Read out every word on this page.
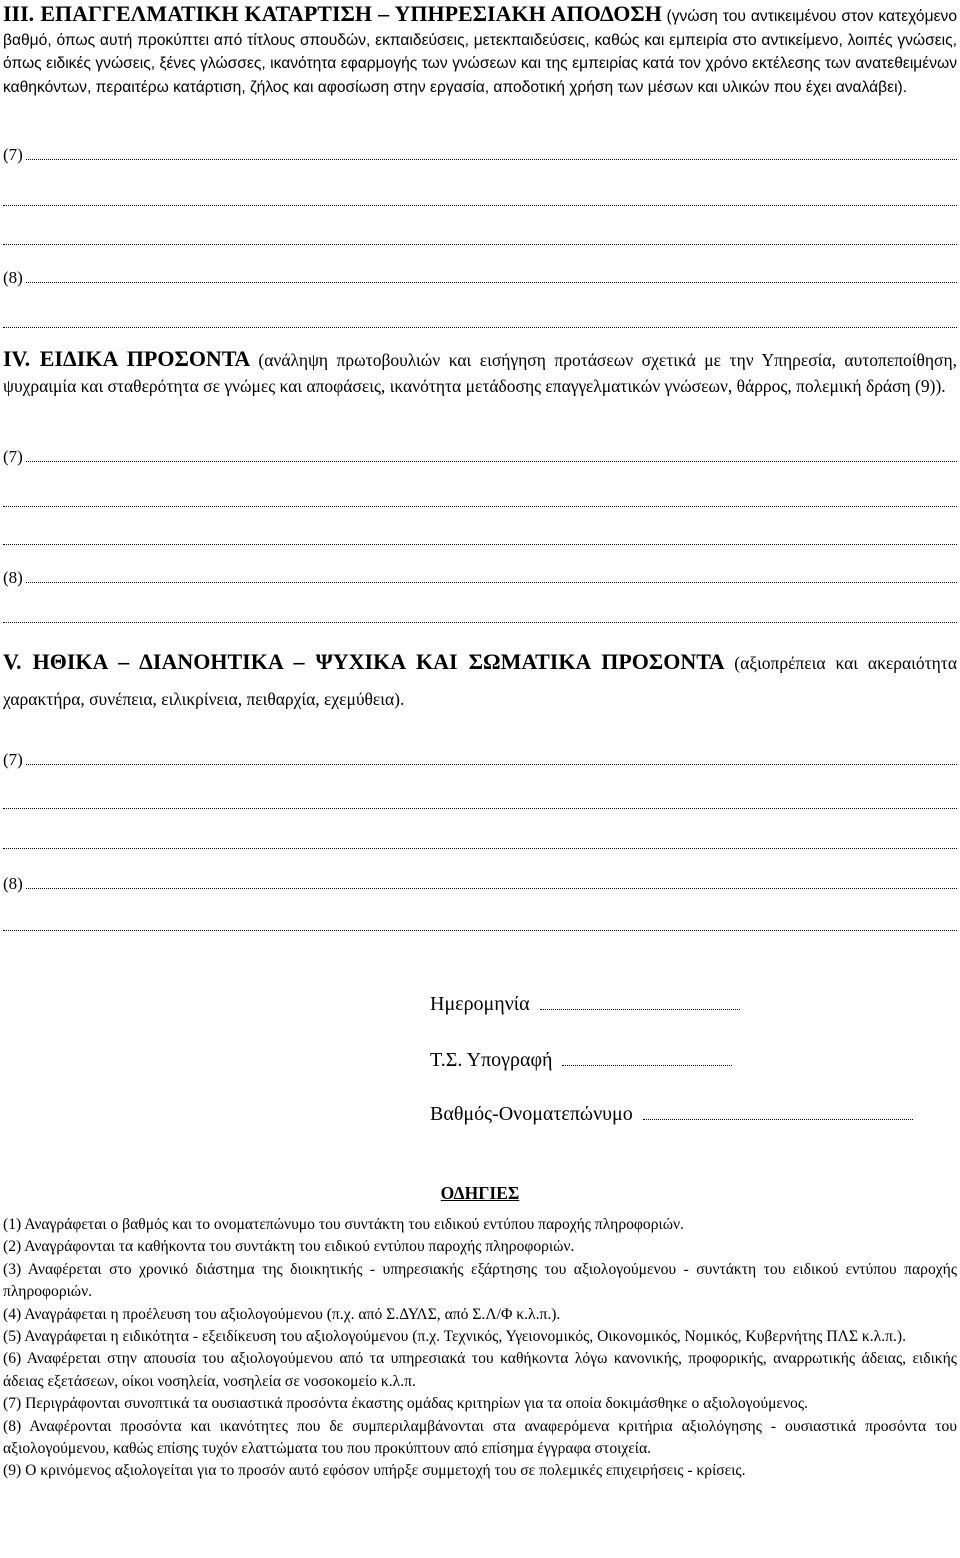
III. ΕΠΑΓΓΕΛΜΑΤΙΚΗ ΚΑΤΑΡΤΙΣΗ – ΥΠΗΡΕΣΙΑΚΗ ΑΠΟΔΟΣΗ (γνώση του αντικειμένου στον κατεχόμενο βαθμό, όπως αυτή προκύπτει από τίτλους σπουδών, εκπαιδεύσεις, μετεκπαιδεύσεις, καθώς και εμπειρία στο αντικείμενο, λοιπές γνώσεις, όπως ειδικές γνώσεις, ξένες γλώσσες, ικανότητα εφαρμογής των γνώσεων και της εμπειρίας κατά τον χρόνο εκτέλεσης των ανατεθειμένων καθηκόντων, περαιτέρω κατάρτιση, ζήλος και αφοσίωση στην εργασία, αποδοτική χρήση των μέσων και υλικών που έχει αναλάβει).
(7)
(8)
IV. ΕΙΔΙΚΑ ΠΡΟΣΟΝΤΑ (ανάληψη πρωτοβουλιών και εισήγηση προτάσεων σχετικά με την Υπηρεσία, αυτοπεποίθηση, ψυχραιμία και σταθερότητα σε γνώμες και αποφάσεις, ικανότητα μετάδοσης επαγγελματικών γνώσεων, θάρρος, πολεμική δράση (9)).
(7)
(8)
V. ΗΘΙΚΑ – ΔΙΑΝΟΗΤΙΚΑ – ΨΥΧΙΚΑ ΚΑΙ ΣΩΜΑΤΙΚΑ ΠΡΟΣΟΝΤΑ (αξιοπρέπεια και ακεραιότητα χαρακτήρα, συνέπεια, ειλικρίνεια, πειθαρχία, εχεμύθεια).
(7)
(8)
Ημερομηνία
Τ.Σ. Υπογραφή
Βαθμός-Ονοματεπώνυμο
ΟΔΗΓΙΕΣ

(1) Αναγράφεται ο βαθμός και το ονοματεπώνυμο του συντάκτη του ειδικού εντύπου παροχής πληροφοριών.

(2) Αναγράφονται τα καθήκοντα του συντάκτη του ειδικού εντύπου παροχής πληροφοριών.

(3) Αναφέρεται στο χρονικό διάστημα της διοικητικής - υπηρεσιακής εξάρτησης του αξιολογούμενου - συντάκτη του ειδικού εντύπου παροχής πληροφοριών.

(4) Αναγράφεται η προέλευση του αξιολογούμενου (π.χ. από Σ.ΔΥΛΣ, από Σ.Λ/Φ κ.λ.π.).

(5) Αναγράφεται η ειδικότητα - εξειδίκευση του αξιολογούμενου (π.χ. Τεχνικός, Υγειονομικός, Οικονομικός, Νομικός, Κυβερνήτης ΠΛΣ κ.λ.π.).

(6) Αναφέρεται στην απουσία του αξιολογούμενου από τα υπηρεσιακά του καθήκοντα λόγω κανονικής, προφορικής, αναρρωτικής άδειας, ειδικής άδειας εξετάσεων, οίκοι νοσηλεία, νοσηλεία σε νοσοκομείο κ.λ.π.

(7) Περιγράφονται συνοπτικά τα ουσιαστικά προσόντα έκαστης ομάδας κριτηρίων για τα οποία δοκιμάσθηκε ο αξιολογούμενος.

(8) Αναφέρονται προσόντα και ικανότητες που δε συμπεριλαμβάνονται στα αναφερόμενα κριτήρια αξιολόγησης - ουσιαστικά προσόντα του αξιολογούμενου, καθώς επίσης τυχόν ελαττώματα του που προκύπτουν από επίσημα έγγραφα στοιχεία.

(9) Ο κρινόμενος αξιολογείται για το προσόν αυτό εφόσον υπήρξε συμμετοχή του σε πολεμικές επιχειρήσεις - κρίσεις.
